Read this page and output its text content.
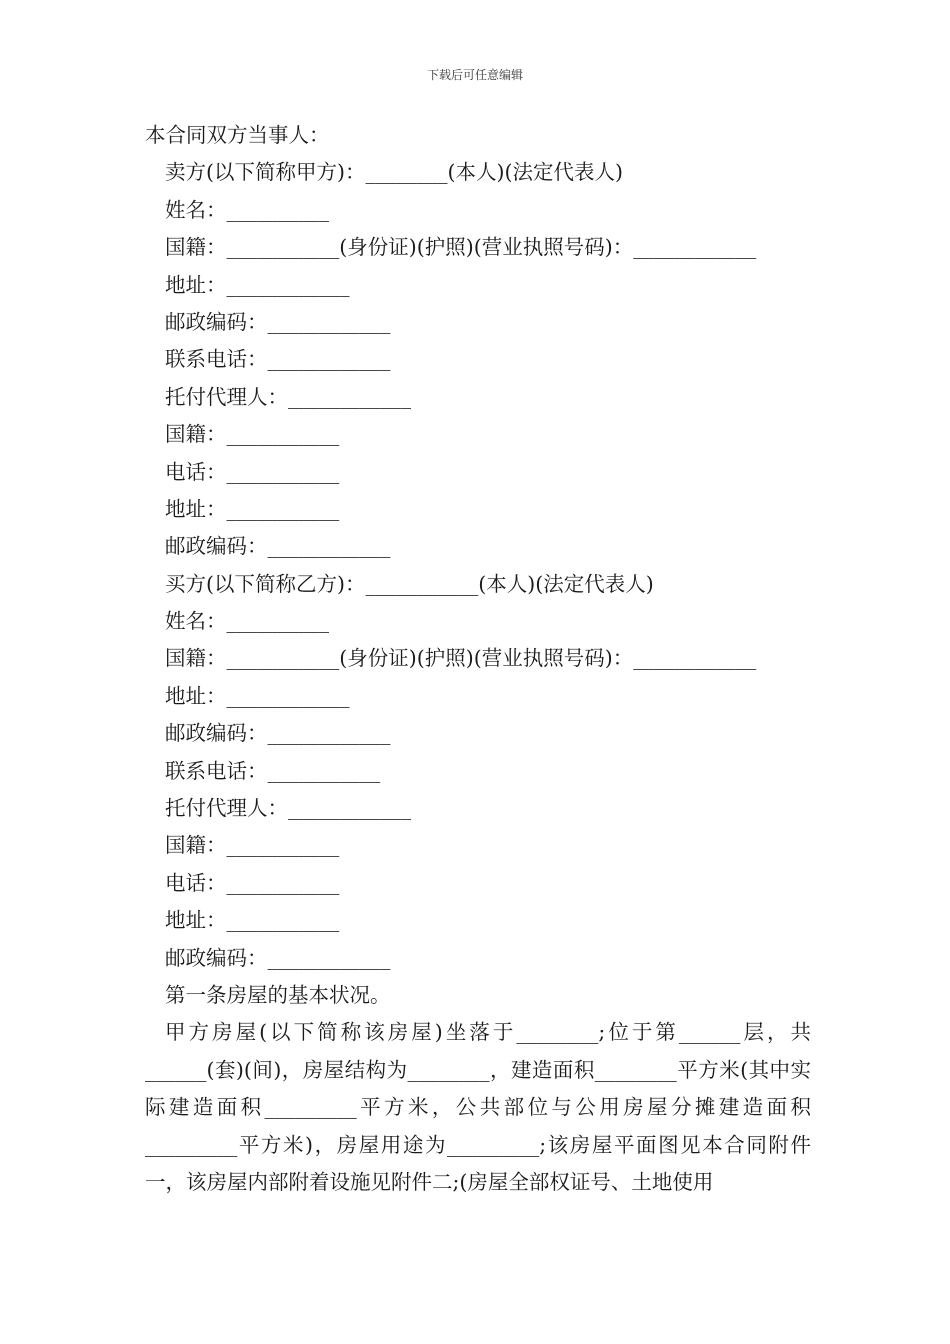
下载后可任意编辑
本合同双方当事人：
卖方(以下简称甲方)：________(本人)(法定代表人)
姓名：__________
国籍：___________(身份证)(护照)(营业执照号码)：____________
地址：____________
邮政编码：____________
联系电话：____________
托付代理人：____________
国籍：___________
电话：___________
地址：___________
邮政编码：____________
买方(以下简称乙方)：___________(本人)(法定代表人)
姓名：__________
国籍：___________(身份证)(护照)(营业执照号码)：____________
地址：____________
邮政编码：____________
联系电话：___________
托付代理人：____________
国籍：___________
电话：___________
地址：___________
邮政编码：____________
第一条房屋的基本状况。
甲方房屋(以下简称该房屋)坐落于________;位于第______层，共______(套)(间)，房屋结构为________，建造面积________平方米(其中实际建造面积_________平方米，公共部位与公用房屋分摊建造面积_________平方米)，房屋用途为_________;该房屋平面图见本合同附件一，该房屋内部附着设施见附件二;(房屋全部权证号、土地使用
